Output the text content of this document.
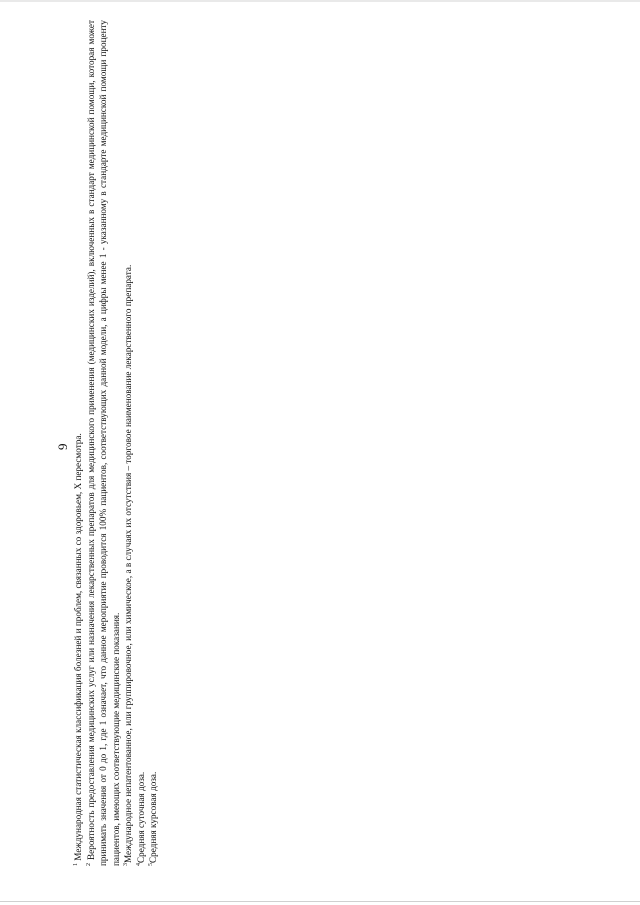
9

$^1$ Международная статистическая классификация болезней и проблем, связанных со здоровьем, X пересмотра.

$^2$ Вероятность предоставления медицинских услуг или назначения лекарственных препаратов для медицинского применения (медицинских изделий), включенных в стандарт медицинской помощи, которая может принимать значения от 0 до 1, где 1 означает, что данное мероприятие проводится 100% пациентов, соответствующих данной модели, а цифры менее 1 - указанному в стандарте медицинской помощи проценту пациентов, имеющих соответствующие медицинские показания. $^3$Международное непатентованное, или группировочное, или химическое, а в случаях их отсутствия – торговое наименование лекарственного препарата.

$^4$Средняя суточная доза.

$^5$Средняя курсовая доза.
